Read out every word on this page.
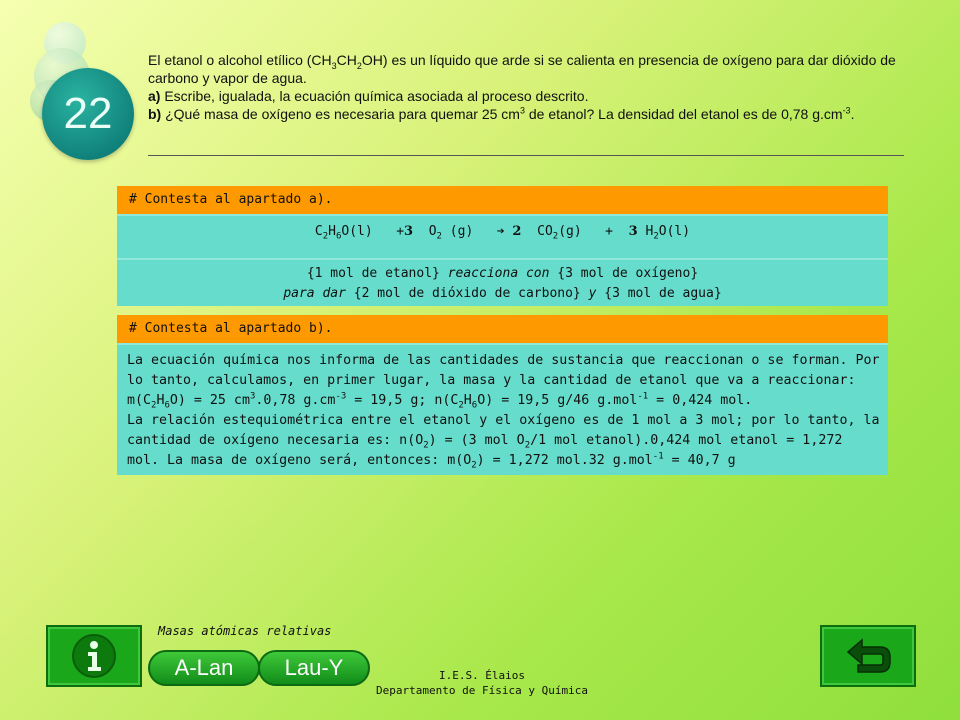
22

El etanol o alcohol etílico $(CH_3CH_2OH)$ es un líquido que arde si se calienta en presencia de oxígeno para dar dióxido de carbono y vapor de agua.

a) Escribe, igualada, la ecuación química asociada al proceso descrito.

b) ¿Qué masa de oxígeno es necesaria para quemar 25 $cm^3$ de etanol? La densidad del etanol es de 0,78 $g.cm^{-3}$.

# Contesta al apartado a).
$C_2H_6O(l) +3$ $O_2$ (g) ➔ 2 $CO_2(g) + 3$ $H_2O(l)$
{1 mol de etanol} reacciona con {3 mol de oxígeno}
para dar {2 mol de dióxido de carbono} y {3 mol de agua}
# Contesta al apartado b).

La ecuación química nos informa de las cantidades de sustancia que reaccionan o se forman. Por lo tanto, calculamos, en primer lugar, la masa y la cantidad de etanol que va a reaccionar: $m(C_2H_6O) = 25$ $cm^3.0,78$ $g.cm^{-3} = 19,5$ g; $n(C_2H_6O) = 19,5$ g/46 g.mol$^{-1}$ = 0,424 mol.

La relación estequiométrica entre el etanol y el oxígeno es de 1 mol a 3 mol; por lo tanto, la cantidad de oxígeno necesaria es: $n(O_2) = (3$ mol $O_2/1$ mol etanol).0,424 mol etanol = 1,272 mol. La masa de oxígeno será, entonces: $m(O_2) = 1,272$ mol.32 g.mol$^{-1}$ = 40,7 g

Masas atómicas relativas
A-Lan	Lau-Y	I.E.S. Élaios
Departamento de Física y Química
